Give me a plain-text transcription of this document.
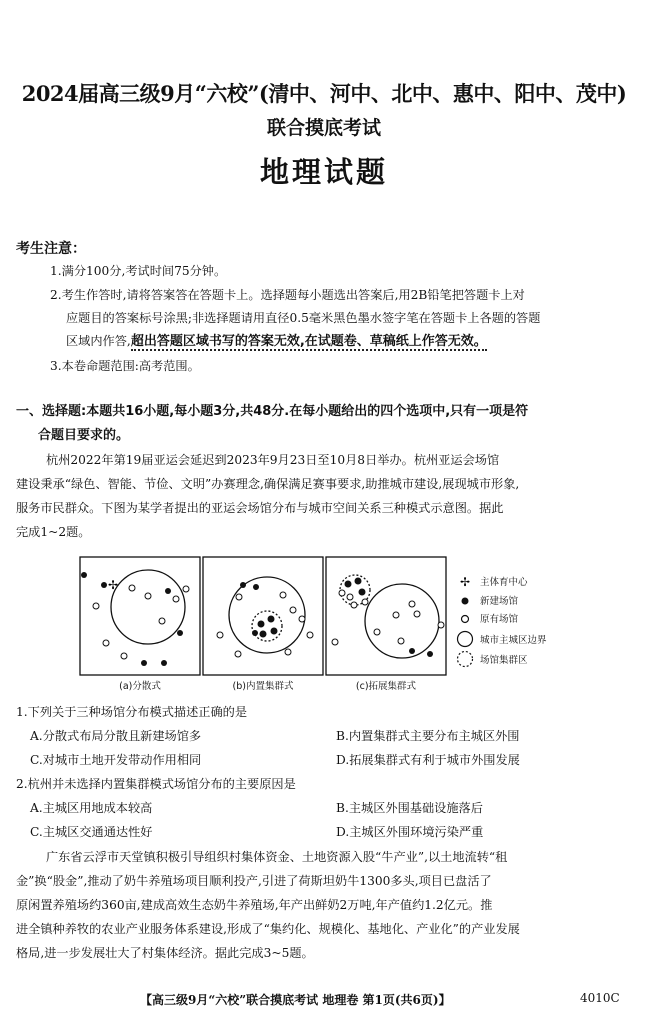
2024届高三级9月“六校”(清中、河中、北中、惠中、阳中、茂中)
联合摸底考试
地理试题
考生注意：
1.满分100分,考试时间75分钟。
2.考生作答时,请将答案答在答题卡上。选择题每小题选出答案后,用2B铅笔把答题卡上对
应题目的答案标号涂黑;非选择题请用直径0.5毫米黑色墨水签字笔在答题卡上各题的答题
区域内作答,超出答题区域书写的答案无效,在试题卷、草稿纸上作答无效。
3.本卷命题范围:高考范围。
一、选择题:本题共16小题,每小题3分,共48分.在每小题给出的四个选项中,只有一项是符
合题目要求的。
杭州2022年第19届亚运会延迟到2023年9月23日至10月8日举办。杭州亚运会场馆
建设秉承“绿色、智能、节俭、文明”办赛理念,确保满足赛事要求,助推城市建设,展现城市形象,
服务市民群众。下图为某学者提出的亚运会场馆分布与城市空间关系三种模式示意图。据此
完成1~2题。
✢	✢ 主体育中心
新建场馆
原有场馆
城市主城区边界
场馆集群区
(a)分散式	(b)内置集群式	(c)拓展集群式
1.下列关于三种场馆分布模式描述正确的是
A.分散式布局分散且新建场馆多	B.内置集群式主要分布主城区外围
C.对城市土地开发带动作用相同	D.拓展集群式有利于城市外围发展
2.杭州并未选择内置集群模式场馆分布的主要原因是
A.主城区用地成本较高	B.主城区外围基础设施落后
C.主城区交通通达性好	D.主城区外围环境污染严重
广东省云浮市天堂镇积极引导组织村集体资金、土地资源入股“牛产业”,以土地流转“租
金”换“股金”,推动了奶牛养殖场项目顺利投产,引进了荷斯坦奶牛1300多头,项目已盘活了
原闲置养殖场约360亩,建成高效生态奶牛养殖场,年产出鲜奶2万吨,年产值约1.2亿元。推
进全镇种养牧的农业产业服务体系建设,形成了“集约化、规模化、基地化、产业化”的产业发展
格局,进一步发展壮大了村集体经济。据此完成3~5题。
【高三级9月“六校”联合摸底考试 地理卷 第1页(共6页)】	4010C
